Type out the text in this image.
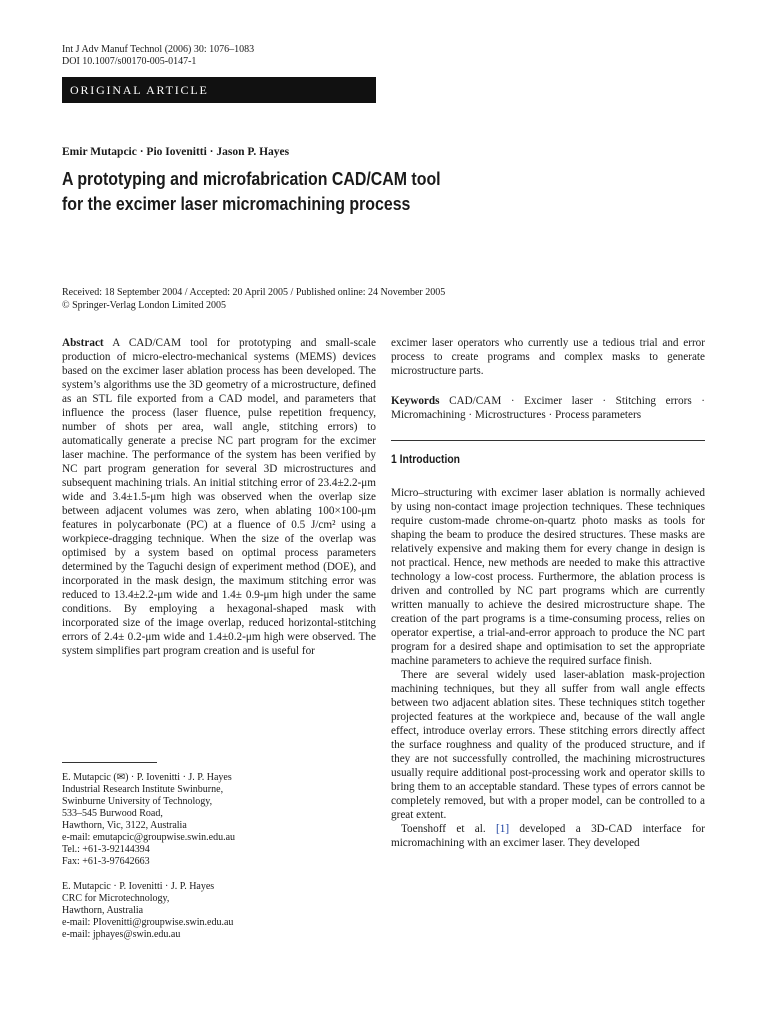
Int J Adv Manuf Technol (2006) 30: 1076–1083
DOI 10.1007/s00170-005-0147-1
ORIGINAL ARTICLE
Emir Mutapcic · Pio Iovenitti · Jason P. Hayes
A prototyping and microfabrication CAD/CAM tool
for the excimer laser micromachining process
Received: 18 September 2004 / Accepted: 20 April 2005 / Published online: 24 November 2005
© Springer-Verlag London Limited 2005

Abstract A CAD/CAM tool for prototyping and small-scale production of micro-electro-mechanical systems (MEMS) devices based on the excimer laser ablation process has been developed. The system’s algorithms use the 3D geometry of a microstructure, defined as an STL file exported from a CAD model, and parameters that influence the process (laser fluence, pulse repetition frequency, number of shots per area, wall angle, stitching errors) to automatically generate a precise NC part program for the excimer laser machine. The performance of the system has been verified by NC part program generation for several 3D microstructures and subsequent machining trials. An initial stitching error of 23.4±2.2-μm wide and 3.4±1.5-μm high was observed when the overlap size between adjacent volumes was zero, when ablating 100×100-μm features in polycarbonate (PC) at a fluence of 0.5 J/cm² using a workpiece-dragging technique. When the size of the overlap was optimised by a system based on optimal process parameters determined by the Taguchi design of experiment method (DOE), and incorporated in the mask design, the maximum stitching error was reduced to 13.4±2.2-μm wide and 1.4± 0.9-μm high under the same conditions. By employing a hexagonal-shaped mask with incorporated size of the image overlap, reduced horizontal-stitching errors of 2.4± 0.2-μm wide and 1.4±0.2-μm high were observed. The system simplifies part program creation and is useful for

E. Mutapcic (✉) · P. Iovenitti · J. P. Hayes
Industrial Research Institute Swinburne,
Swinburne University of Technology,
533–545 Burwood Road,
Hawthorn, Vic, 3122, Australia
e-mail: emutapcic@groupwise.swin.edu.au
Tel.: +61-3-92144394
Fax: +61-3-97642663
E. Mutapcic · P. Iovenitti · J. P. Hayes
CRC for Microtechnology,
Hawthorn, Australia
e-mail: PIovenitti@groupwise.swin.edu.au
e-mail: jphayes@swin.edu.au

excimer laser operators who currently use a tedious trial and error process to create programs and complex masks to generate microstructure parts.

Keywords CAD/CAM · Excimer laser · Stitching errors · Micromachining · Microstructures · Process parameters

1 Introduction

Micro–structuring with excimer laser ablation is normally achieved by using non-contact image projection techniques. These techniques require custom-made chrome-on-quartz photo masks as tools for shaping the beam to produce the desired structures. These masks are relatively expensive and making them for every change in design is not practical. Hence, new methods are needed to make this attractive technology a low-cost process. Furthermore, the ablation process is driven and controlled by NC part programs which are currently written manually to achieve the desired microstructure shape. The creation of the part programs is a time-consuming process, relies on operator expertise, a trial-and-error approach to produce the NC part program for a desired shape and optimisation to set the appropriate machine parameters to achieve the required surface finish.

There are several widely used laser-ablation mask-projection machining techniques, but they all suffer from wall angle effects between two adjacent ablation sites. These techniques stitch together projected features at the workpiece and, because of the wall angle effect, introduce overlay errors. These stitching errors directly affect the surface roughness and quality of the produced structure, and if they are not successfully controlled, the machining microstructures usually require additional post-processing work and operator skills to bring them to an acceptable standard. These types of errors cannot be completely removed, but with a proper model, can be controlled to a great extent.

Toenshoff et al. [1] developed a 3D-CAD interface for micromachining with an excimer laser. They developed
